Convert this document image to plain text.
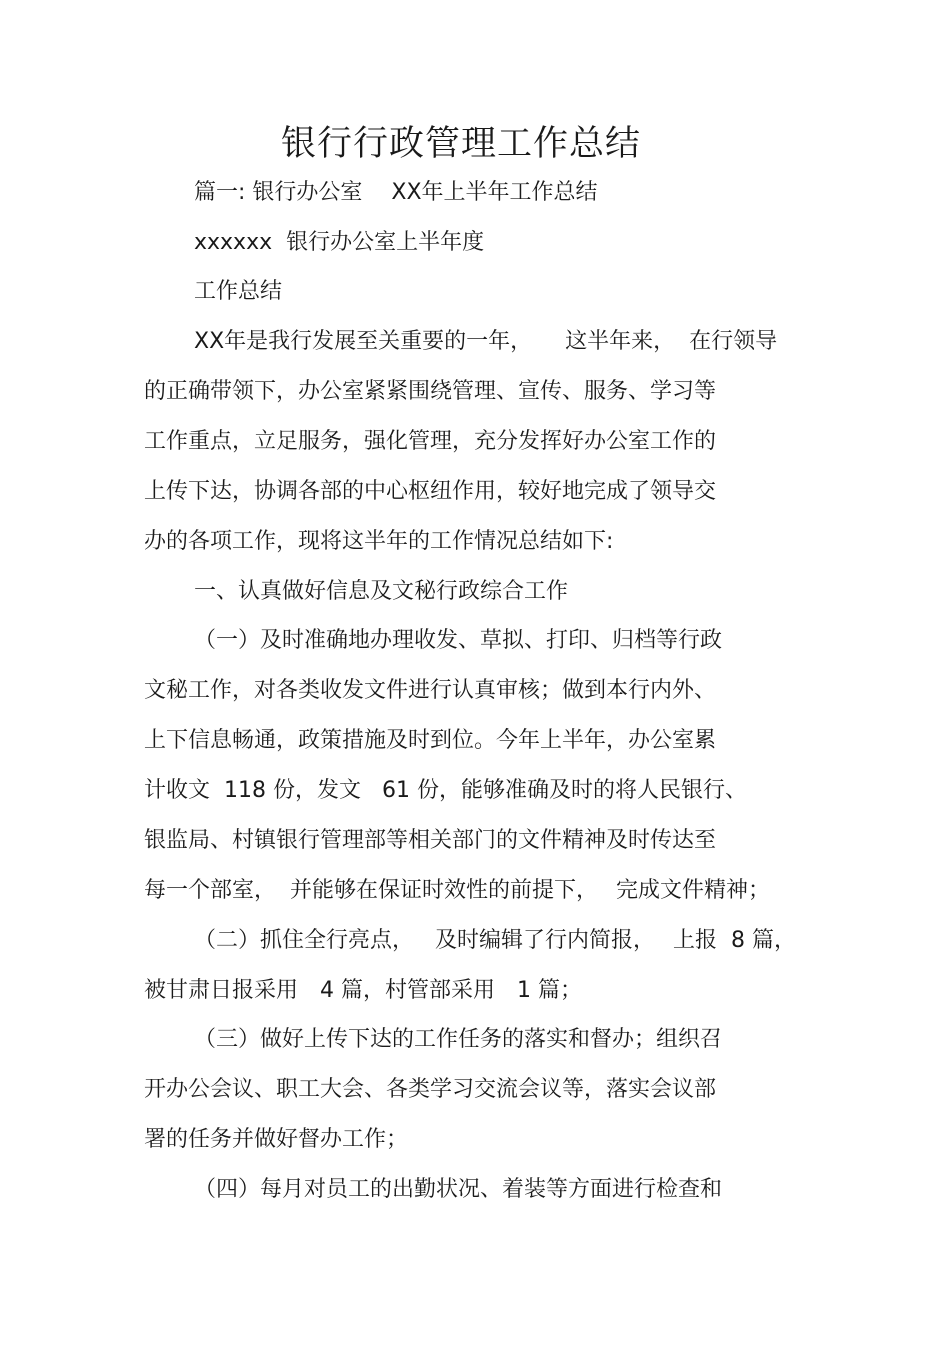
银行行政管理工作总结
篇一: 银行办公室　 XX年上半年工作总结
xxxxxx  银行办公室上半年度
工作总结
XX年是我行发展至关重要的一年，　　这半年来，  在行领导
的正确带领下，办公室紧紧围绕管理、宣传、服务、学习等
工作重点，立足服务，强化管理，充分发挥好办公室工作的
上传下达，协调各部的中心枢纽作用，较好地完成了领导交
办的各项工作，现将这半年的工作情况总结如下:
一、认真做好信息及文秘行政综合工作
（一）及时准确地办理收发、草拟、打印、归档等行政
文秘工作，对各类收发文件进行认真审核；做到本行内外、
上下信息畅通，政策措施及时到位。今年上半年，办公室累
计收文  118 份，发文   61 份，能够准确及时的将人民银行、
银监局、村镇银行管理部等相关部门的文件精神及时传达至
每一个部室，  并能够在保证时效性的前提下，　 完成文件精神；
（二）抓住全行亮点，   及时编辑了行内简报，　 上报  8 篇，
被甘肃日报采用　4 篇，村管部采用　1 篇；
（三）做好上传下达的工作任务的落实和督办；组织召
开办公会议、职工大会、各类学习交流会议等，落实会议部
署的任务并做好督办工作；
（四）每月对员工的出勤状况、着装等方面进行检查和
